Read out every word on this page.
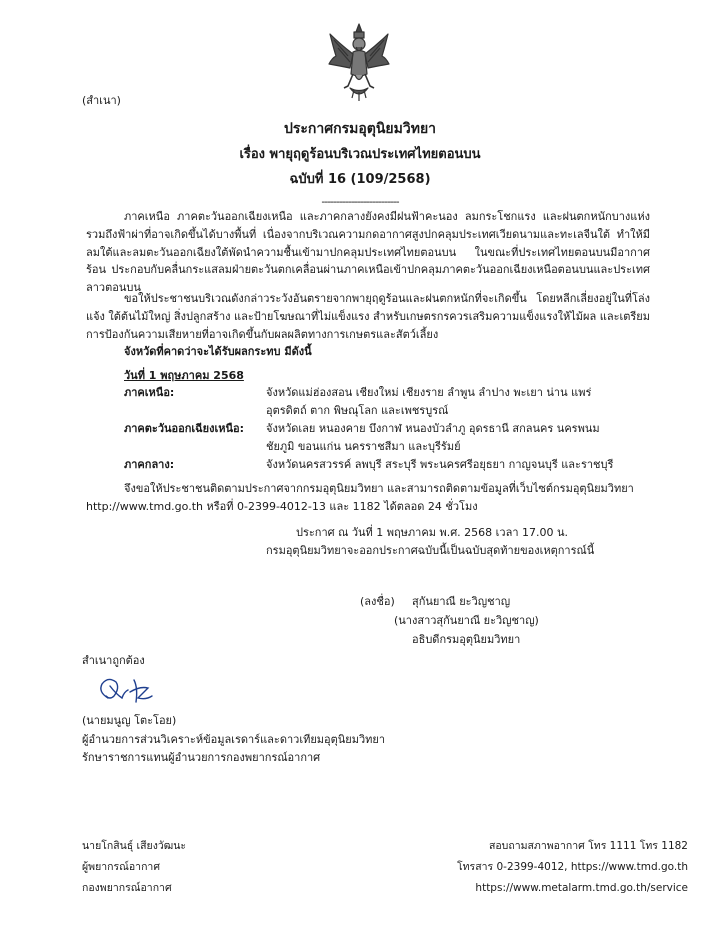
(สำเนา)
ประกาศกรมอุตุนิยมวิทยา
เรื่อง พายุฤดูร้อนบริเวณประเทศไทยตอนบน
ฉบับที่ 16 (109/2568)
--------------------------
ภาคเหนือ ภาคตะวันออกเฉียงเหนือ และภาคกลางยังคงมีฝนฟ้าคะนอง ลมกระโชกแรง และฝนตกหนักบางแห่ง รวมถึงฟ้าผ่าที่อาจเกิดขึ้นได้บางพื้นที่ เนื่องจากบริเวณความกดอากาศสูงปกคลุมประเทศเวียดนามและทะเลจีนใต้ ทำให้มีลมใต้และลมตะวันออกเฉียงใต้พัดนำความชื้นเข้ามาปกคลุมประเทศไทยตอนบน ในขณะที่ประเทศไทยตอนบนมีอากาศร้อน ประกอบกับคลื่นกระแสลมฝ่ายตะวันตกเคลื่อนผ่านภาคเหนือเข้าปกคลุมภาคตะวันออกเฉียงเหนือตอนบนและประเทศลาวตอนบน
ขอให้ประชาชนบริเวณดังกล่าวระวังอันตรายจากพายุฤดูร้อนและฝนตกหนักที่จะเกิดขึ้น โดยหลีกเลี่ยงอยู่ในที่โล่งแจ้ง ใต้ต้นไม้ใหญ่ สิ่งปลูกสร้าง และป้ายโฆษณาที่ไม่แข็งแรง สำหรับเกษตรกรควรเสริมความแข็งแรงให้ไม้ผล และเตรียมการป้องกันความเสียหายที่อาจเกิดขึ้นกับผลผลิตทางการเกษตรและสัตว์เลี้ยง
จังหวัดที่คาดว่าจะได้รับผลกระทบ มีดังนี้
วันที่ 1 พฤษภาคม 2568
ภาคเหนือ:	จังหวัดแม่ฮ่องสอน เชียงใหม่ เชียงราย ลำพูน ลำปาง พะเยา น่าน แพร่
อุตรดิตถ์ ตาก พิษณุโลก และเพชรบูรณ์
ภาคตะวันออกเฉียงเหนือ: จังหวัดเลย หนองคาย บึงกาฬ หนองบัวลำภู อุดรธานี สกลนคร นครพนม
ชัยภูมิ ขอนแก่น นครราชสีมา และบุรีรัมย์
ภาคกลาง:	จังหวัดนครสวรรค์ ลพบุรี สระบุรี พระนครศรีอยุธยา กาญจนบุรี และราชบุรี
จึงขอให้ประชาชนติดตามประกาศจากกรมอุตุนิยมวิทยา และสามารถติดตามข้อมูลที่เว็บไซต์กรมอุตุนิยมวิทยา
http://www.tmd.go.th หรือที่ 0-2399-4012-13 และ 1182 ได้ตลอด 24 ชั่วโมง
ประกาศ ณ วันที่ 1 พฤษภาคม พ.ศ. 2568 เวลา 17.00 น.
กรมอุตุนิยมวิทยาจะออกประกาศฉบับนี้เป็นฉบับสุดท้ายของเหตุการณ์นี้
(ลงชื่อ) สุกันยาณี ยะวิญชาญ
(นางสาวสุกันยาณี ยะวิญชาญ)
อธิบดีกรมอุตุนิยมวิทยา
สำเนาถูกต้อง
(นายมนูญ โตะโอย)
ผู้อำนวยการส่วนวิเคราะห์ข้อมูลเรดาร์และดาวเทียมอุตุนิยมวิทยา
รักษาราชการแทนผู้อำนวยการกองพยากรณ์อากาศ
นายโกสินธุ์ เสียงวัฒนะ
ผู้พยากรณ์อากาศ
กองพยากรณ์อากาศ
สอบถามสภาพอากาศ โทร 1111 โทร 1182
โทรสาร 0-2399-4012, https://www.tmd.go.th
https://www.metalarm.tmd.go.th/service
